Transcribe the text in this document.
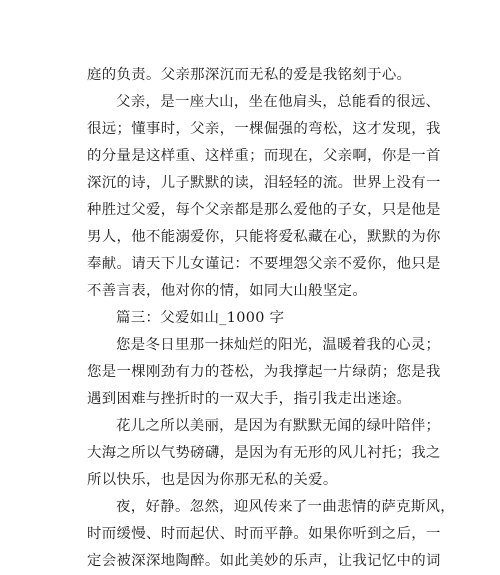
庭的负责。父亲那深沉而无私的爱是我铭刻于心。
父亲，是一座大山，坐在他肩头，总能看的很远、
很远；懂事时，父亲，一棵倔强的弯松，这才发现，我
的分量是这样重、这样重；而现在，父亲啊，你是一首
深沉的诗，儿子默默的读，泪轻轻的流。世界上没有一
种胜过父爱，每个父亲都是那么爱他的子女，只是他是
男人，他不能溺爱你，只能将爱私藏在心，默默的为你
奉献。请天下儿女谨记：不要埋怨父亲不爱你，他只是
不善言表，他对你的情，如同大山般坚定。
篇三：父爱如山_1000 字
您是冬日里那一抹灿烂的阳光，温暖着我的心灵；
您是一棵刚劲有力的苍松，为我撑起一片绿荫；您是我
遇到困难与挫折时的一双大手，指引我走出迷途。
花儿之所以美丽，是因为有默默无闻的绿叶陪伴；
大海之所以气势磅礴，是因为有无形的风儿衬托；我之
所以快乐，也是因为你那无私的关爱。
夜，好静。忽然，迎风传来了一曲悲情的萨克斯风，
时而缓慢、时而起伏、时而平静。如果你听到之后，一
定会被深深地陶醉。如此美妙的乐声，让我记忆中的词
